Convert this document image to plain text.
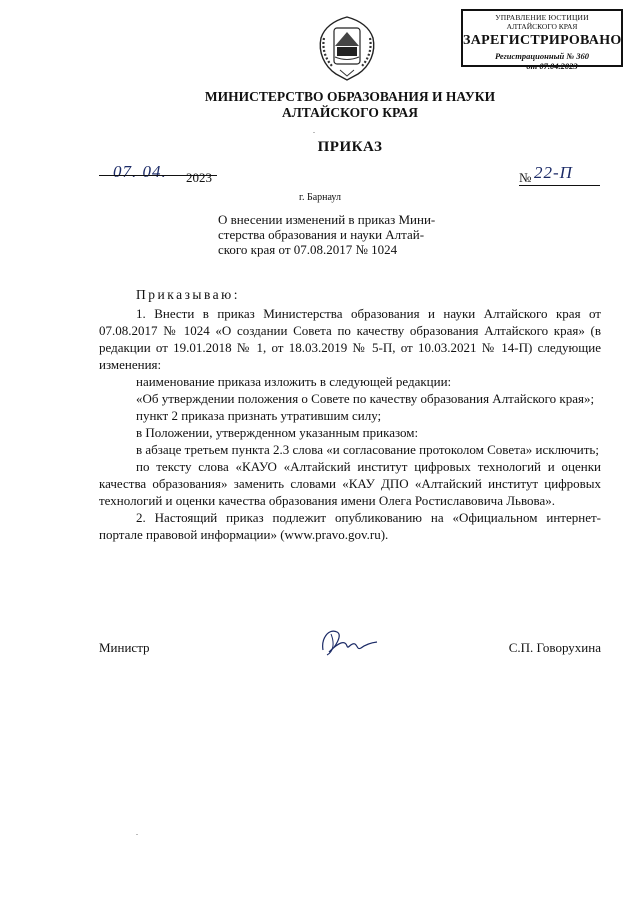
УПРАВЛЕНИЕ ЮСТИЦИИ
АЛТАЙСКОГО КРАЯ
ЗАРЕГИСТРИРОВАНО
Регистрационный № 360
от 07.04.2023
МИНИСТЕРСТВО ОБРАЗОВАНИЯ И НАУКИ
АЛТАЙСКОГО КРАЯ
ПРИКАЗ
07. 04. 2023	№ 22-П
г. Барнаул
О внесении изменений в приказ Мини-
стерства образования и науки Алтай-
ского края от 07.08.2017 № 1024
Приказываю:
1. Внести в приказ Министерства образования и науки Алтайского края от 07.08.2017 № 1024 «О создании Совета по качеству образования Алтайского края» (в редакции от 19.01.2018 № 1, от 18.03.2019 № 5-П, от 10.03.2021 № 14-П) следующие изменения:
наименование приказа изложить в следующей редакции:
«Об утверждении положения о Совете по качеству образования Алтайского края»;
пункт 2 приказа признать утратившим силу;
в Положении, утвержденном указанным приказом:
в абзаце третьем пункта 2.3 слова «и согласование протоколом Совета» исключить;
по тексту слова «КАУО «Алтайский институт цифровых технологий и оценки качества образования» заменить словами «КАУ ДПО «Алтайский институт цифровых технологий и оценки качества образования имени Олега Ростиславовича Львова».
2. Настоящий приказ подлежит опубликованию на «Официальном интернет-портале правовой информации» (www.pravo.gov.ru).
Министр	С.П. Говорухина
